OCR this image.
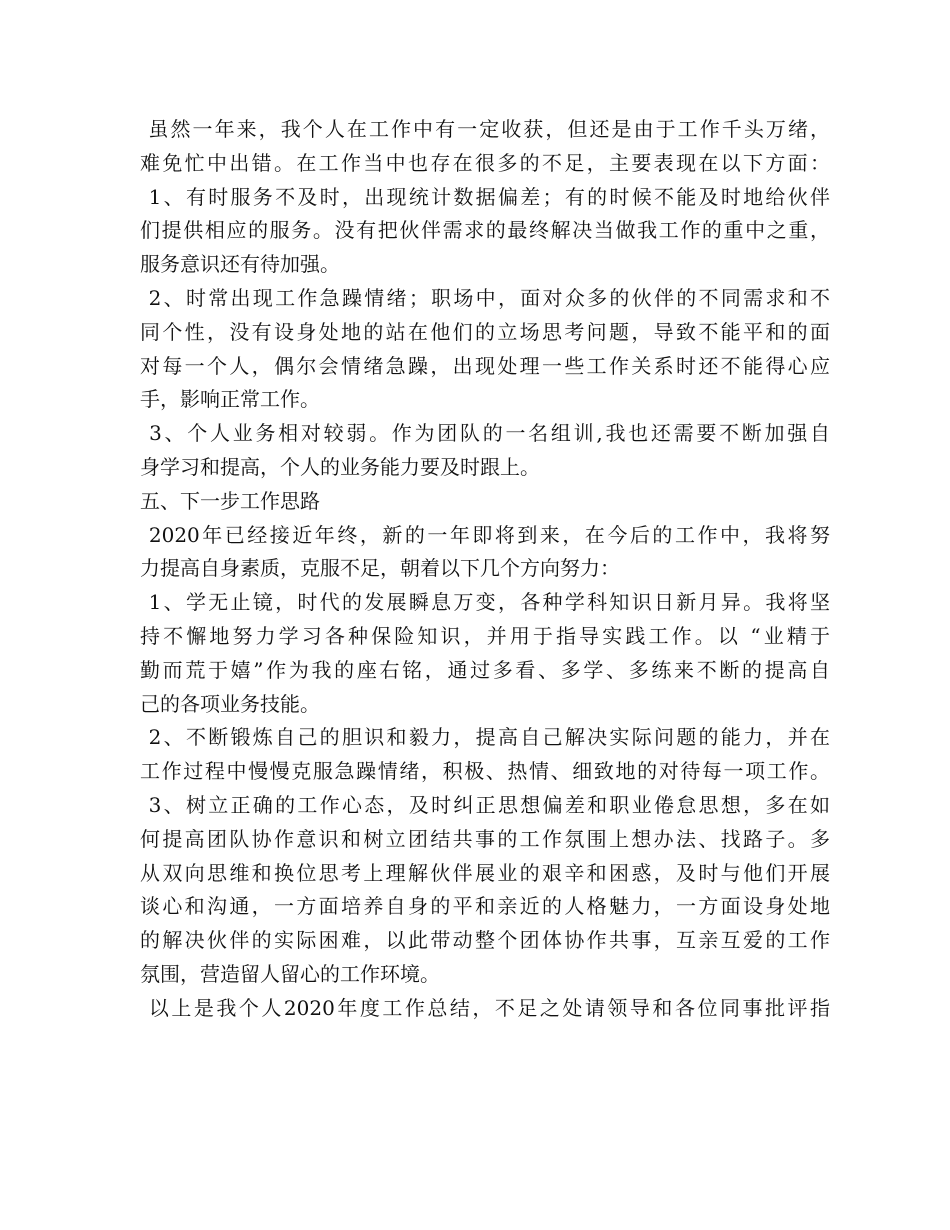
虽然一年来，我个人在工作中有一定收获，但还是由于工作千头万绪，
难免忙中出错。在工作当中也存在很多的不足，主要表现在以下方面：
1、有时服务不及时，出现统计数据偏差；有的时候不能及时地给伙伴
们提供相应的服务。没有把伙伴需求的最终解决当做我工作的重中之重，
服务意识还有待加强。
2、时常出现工作急躁情绪；职场中，面对众多的伙伴的不同需求和不
同个性，没有设身处地的站在他们的立场思考问题，导致不能平和的面
对每一个人，偶尔会情绪急躁，出现处理一些工作关系时还不能得心应
手，影响正常工作。
3、个人业务相对较弱。作为团队的一名组训,我也还需要不断加强自
身学习和提高，个人的业务能力要及时跟上。
五、下一步工作思路
2020年已经接近年终，新的一年即将到来，在今后的工作中，我将努
力提高自身素质，克服不足，朝着以下几个方向努力：
1、学无止镜，时代的发展瞬息万变，各种学科知识日新月异。我将坚
持不懈地努力学习各种保险知识，并用于指导实践工作。以 “业精于
勤而荒于嬉”作为我的座右铭，通过多看、多学、多练来不断的提高自
己的各项业务技能。
2、不断锻炼自己的胆识和毅力，提高自己解决实际问题的能力，并在
工作过程中慢慢克服急躁情绪，积极、热情、细致地的对待每一项工作。
3、树立正确的工作心态，及时纠正思想偏差和职业倦怠思想，多在如
何提高团队协作意识和树立团结共事的工作氛围上想办法、找路子。多
从双向思维和换位思考上理解伙伴展业的艰辛和困惑，及时与他们开展
谈心和沟通，一方面培养自身的平和亲近的人格魅力，一方面设身处地
的解决伙伴的实际困难，以此带动整个团体协作共事，互亲互爱的工作
氛围，营造留人留心的工作环境。
以上是我个人2020年度工作总结，不足之处请领导和各位同事批评指
